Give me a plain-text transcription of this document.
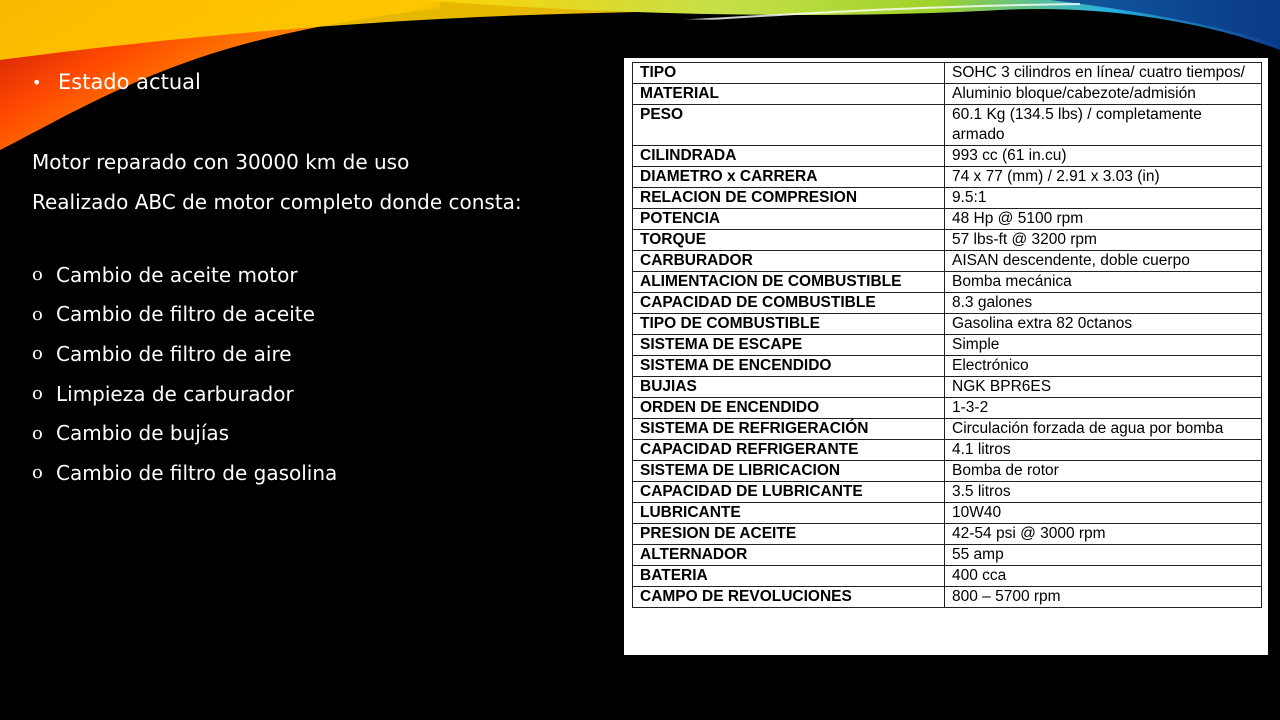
• Estado actual
Motor reparado con 30000 km de uso
Realizado ABC de motor completo donde consta:
o Cambio de aceite motor
o Cambio de filtro de aceite
o Cambio de filtro de aire
o Limpieza de carburador
o Cambio de bujías
o Cambio de filtro de gasolina
TIPO	SOHC 3 cilindros en línea/ cuatro tiempos/
MATERIAL	Aluminio bloque/cabezote/admisión
PESO	60.1 Kg (134.5 lbs) / completamente armado
CILINDRADA	993 cc (61 in.cu)
DIAMETRO x CARRERA	74 x 77 (mm) / 2.91 x 3.03 (in)
RELACION DE COMPRESION	9.5:1
POTENCIA	48 Hp @ 5100 rpm
TORQUE	57 lbs-ft @ 3200 rpm
CARBURADOR	AISAN descendente, doble cuerpo
ALIMENTACION DE COMBUSTIBLE	Bomba mecánica
CAPACIDAD DE COMBUSTIBLE	8.3 galones
TIPO DE COMBUSTIBLE	Gasolina extra 82 0ctanos
SISTEMA DE ESCAPE	Simple
SISTEMA DE ENCENDIDO	Electrónico
BUJIAS	NGK BPR6ES
ORDEN DE ENCENDIDO	1-3-2
SISTEMA DE REFRIGERACIÓN	Circulación forzada de agua por bomba
CAPACIDAD REFRIGERANTE	4.1 litros
SISTEMA DE LIBRICACION	Bomba de rotor
CAPACIDAD DE LUBRICANTE	3.5 litros
LUBRICANTE	10W40
PRESION DE ACEITE	42-54 psi @ 3000 rpm
ALTERNADOR	55 amp
BATERIA	400 cca
CAMPO DE REVOLUCIONES	800 – 5700 rpm
